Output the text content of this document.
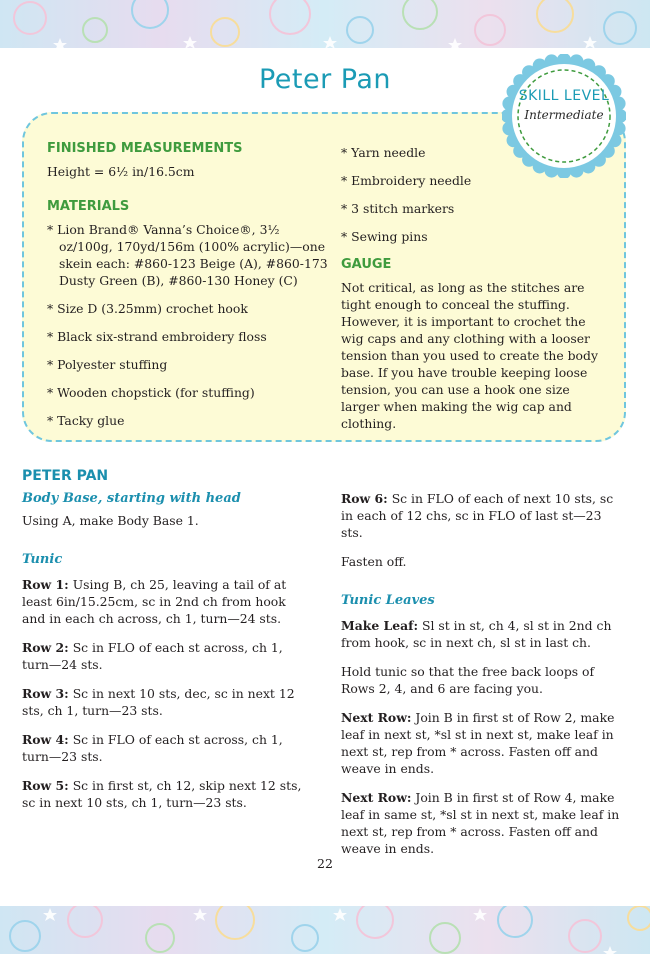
Peter Pan
SKILL LEVEL
Intermediate
FINISHED MEASUREMENTS
Height = 6½ in/16.5cm
MATERIALS
* Lion Brand® Vanna’s Choice®, 3½ oz/100g, 170yd/156m (100% acrylic)—one skein each: #860-123 Beige (A), #860-173 Dusty Green (B), #860-130 Honey (C)
* Size D (3.25mm) crochet hook
* Black six-strand embroidery floss
* Polyester stuffing
* Wooden chopstick (for stuffing)
* Tacky glue
* Yarn needle
* Embroidery needle
* 3 stitch markers
* Sewing pins
GAUGE
Not critical, as long as the stitches are tight enough to conceal the stuffing. However, it is important to crochet the wig caps and any clothing with a looser tension than you used to create the body base. If you have trouble keeping loose tension, you can use a hook one size larger when making the wig cap and clothing.
PETER PAN
Body Base, starting with head
Using A, make Body Base 1.
Tunic
Row 1: Using B, ch 25, leaving a tail of at least 6in/15.25cm, sc in 2nd ch from hook and in each ch across, ch 1, turn—24 sts.
Row 2: Sc in FLO of each st across, ch 1, turn—24 sts.
Row 3: Sc in next 10 sts, dec, sc in next 12 sts, ch 1, turn—23 sts.
Row 4: Sc in FLO of each st across, ch 1, turn—23 sts.
Row 5: Sc in first st, ch 12, skip next 12 sts, sc in next 10 sts, ch 1, turn—23 sts.
Row 6: Sc in FLO of each of next 10 sts, sc in each of 12 chs, sc in FLO of last st—23 sts.
Fasten off.
Tunic Leaves
Make Leaf: Sl st in st, ch 4, sl st in 2nd ch from hook, sc in next ch, sl st in last ch.
Hold tunic so that the free back loops of Rows 2, 4, and 6 are facing you.
Next Row: Join B in first st of Row 2, make leaf in next st, *sl st in next st, make leaf in next st, rep from * across. Fasten off and weave in ends.
Next Row: Join B in first st of Row 4, make leaf in same st, *sl st in next st, make leaf in next st, rep from * across. Fasten off and weave in ends.
22
